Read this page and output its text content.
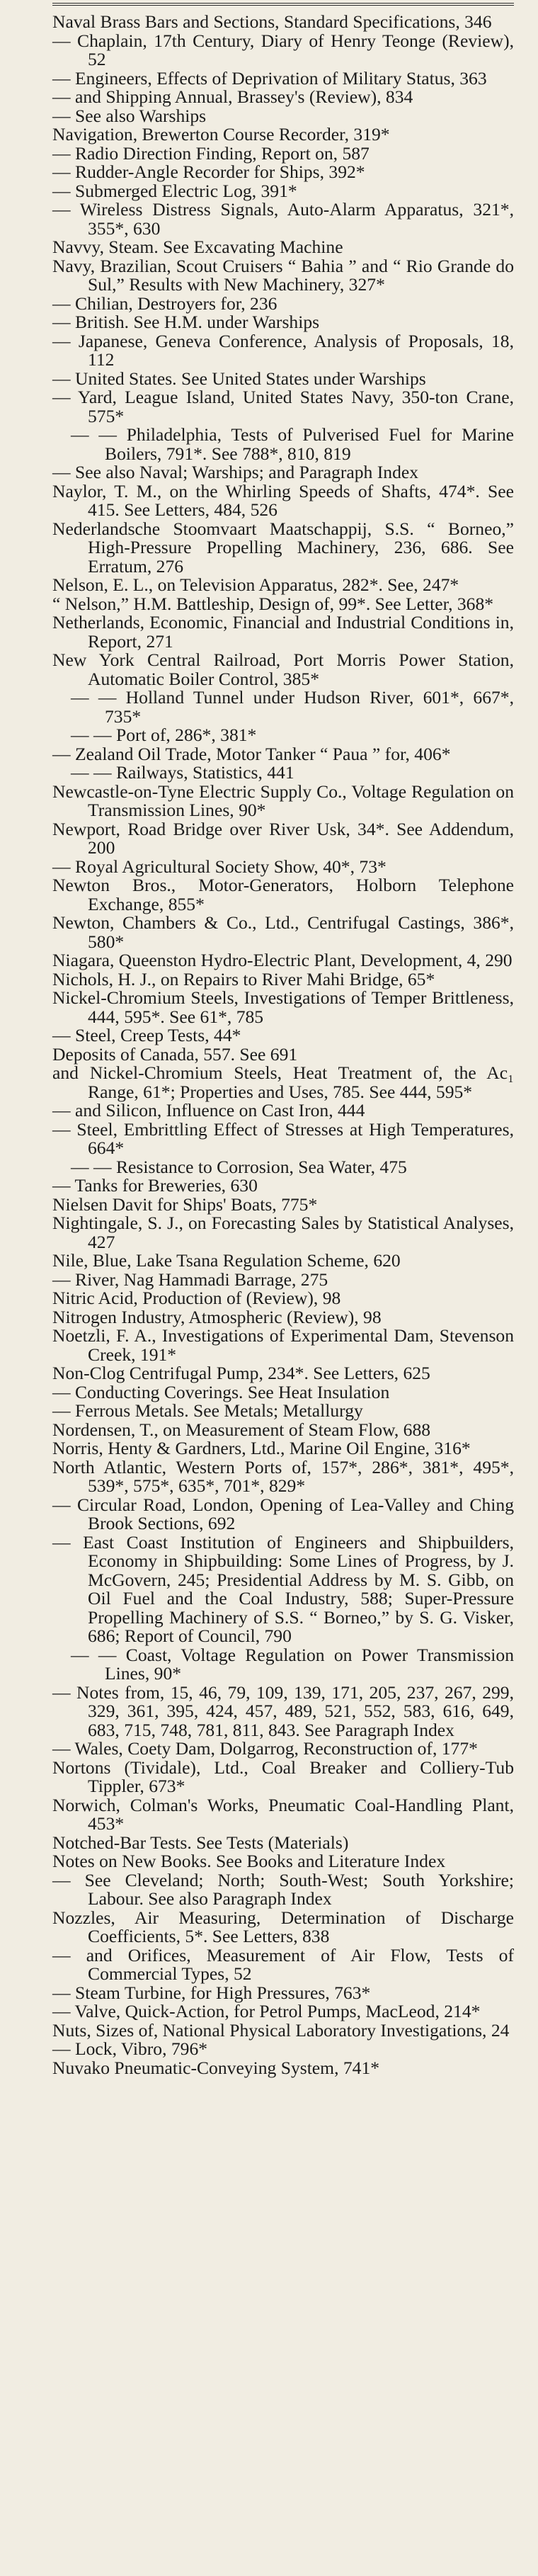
Naval Brass Bars and Sections, Standard Specifications, 346
— Chaplain, 17th Century, Diary of Henry Teonge (Review), 52
— Engineers, Effects of Deprivation of Military Status, 363
— and Shipping Annual, Brassey's (Review), 834
— See also Warships
Navigation, Brewerton Course Recorder, 319*
— Radio Direction Finding, Report on, 587
— Rudder-Angle Recorder for Ships, 392*
— Submerged Electric Log, 391*
— Wireless Distress Signals, Auto-Alarm Apparatus, 321*, 355*, 630
Navvy, Steam. See Excavating Machine
Navy, Brazilian, Scout Cruisers “ Bahia ” and “ Rio Grande do Sul,” Results with New Machinery, 327*
— Chilian, Destroyers for, 236
— British. See H.M. under Warships
— Japanese, Geneva Conference, Analysis of Proposals, 18, 112
— United States. See United States under Warships
— Yard, League Island, United States Navy, 350-ton Crane, 575*
— — Philadelphia, Tests of Pulverised Fuel for Marine Boilers, 791*. See 788*, 810, 819
— See also Naval; Warships; and Paragraph Index
Naylor, T. M., on the Whirling Speeds of Shafts, 474*. See 415. See Letters, 484, 526
Nederlandsche Stoomvaart Maatschappij, S.S. “ Borneo,” High-Pressure Propelling Machinery, 236, 686. See Erratum, 276
Nelson, E. L., on Television Apparatus, 282*. See, 247*
“ Nelson,” H.M. Battleship, Design of, 99*. See Letter, 368*
Netherlands, Economic, Financial and Industrial Conditions in, Report, 271
New York Central Railroad, Port Morris Power Station, Automatic Boiler Control, 385*
— — Holland Tunnel under Hudson River, 601*, 667*, 735*
— — Port of, 286*, 381*
— Zealand Oil Trade, Motor Tanker “ Paua ” for, 406*
— — Railways, Statistics, 441
Newcastle-on-Tyne Electric Supply Co., Voltage Regulation on Transmission Lines, 90*
Newport, Road Bridge over River Usk, 34*. See Addendum, 200
— Royal Agricultural Society Show, 40*, 73*
Newton Bros., Motor-Generators, Holborn Telephone Exchange, 855*
Newton, Chambers & Co., Ltd., Centrifugal Castings, 386*, 580*
Niagara, Queenston Hydro-Electric Plant, Development, 4, 290
Nichols, H. J., on Repairs to River Mahi Bridge, 65*
Nickel-Chromium Steels, Investigations of Temper Brittleness, 444, 595*. See 61*, 785
— Steel, Creep Tests, 44*
Deposits of Canada, 557. See 691
and Nickel-Chromium Steels, Heat Treatment of, the Ac₁ Range, 61*; Properties and Uses, 785. See 444, 595*
— and Silicon, Influence on Cast Iron, 444
— Steel, Embrittling Effect of Stresses at High Temperatures, 664*
— — Resistance to Corrosion, Sea Water, 475
— Tanks for Breweries, 630
Nielsen Davit for Ships' Boats, 775*
Nightingale, S. J., on Forecasting Sales by Statistical Analyses, 427
Nile, Blue, Lake Tsana Regulation Scheme, 620
— River, Nag Hammadi Barrage, 275
Nitric Acid, Production of (Review), 98
Nitrogen Industry, Atmospheric (Review), 98
Noetzli, F. A., Investigations of Experimental Dam, Stevenson Creek, 191*
Non-Clog Centrifugal Pump, 234*. See Letters, 625
— Conducting Coverings. See Heat Insulation
— Ferrous Metals. See Metals; Metallurgy
Nordensen, T., on Measurement of Steam Flow, 688
Norris, Henty & Gardners, Ltd., Marine Oil Engine, 316*
North Atlantic, Western Ports of, 157*, 286*, 381*, 495*, 539*, 575*, 635*, 701*, 829*
— Circular Road, London, Opening of Lea-Valley and Ching Brook Sections, 692
— East Coast Institution of Engineers and Shipbuilders, Economy in Shipbuilding: Some Lines of Progress, by J. McGovern, 245; Presidential Address by M. S. Gibb, on Oil Fuel and the Coal Industry, 588; Super-Pressure Propelling Machinery of S.S. “ Borneo,” by S. G. Visker, 686; Report of Council, 790
— — Coast, Voltage Regulation on Power Transmission Lines, 90*
— Notes from, 15, 46, 79, 109, 139, 171, 205, 237, 267, 299, 329, 361, 395, 424, 457, 489, 521, 552, 583, 616, 649, 683, 715, 748, 781, 811, 843. See Paragraph Index
— Wales, Coety Dam, Dolgarrog, Reconstruction of, 177*
Nortons (Tividale), Ltd., Coal Breaker and Colliery-Tub Tippler, 673*
Norwich, Colman's Works, Pneumatic Coal-Handling Plant, 453*
Notched-Bar Tests. See Tests (Materials)
Notes on New Books. See Books and Literature Index
— See Cleveland; North; South-West; South Yorkshire; Labour. See also Paragraph Index
Nozzles, Air Measuring, Determination of Discharge Coefficients, 5*. See Letters, 838
— and Orifices, Measurement of Air Flow, Tests of Commercial Types, 52
— Steam Turbine, for High Pressures, 763*
— Valve, Quick-Action, for Petrol Pumps, MacLeod, 214*
Nuts, Sizes of, National Physical Laboratory Investigations, 24
— Lock, Vibro, 796*
Nuvako Pneumatic-Conveying System, 741*
